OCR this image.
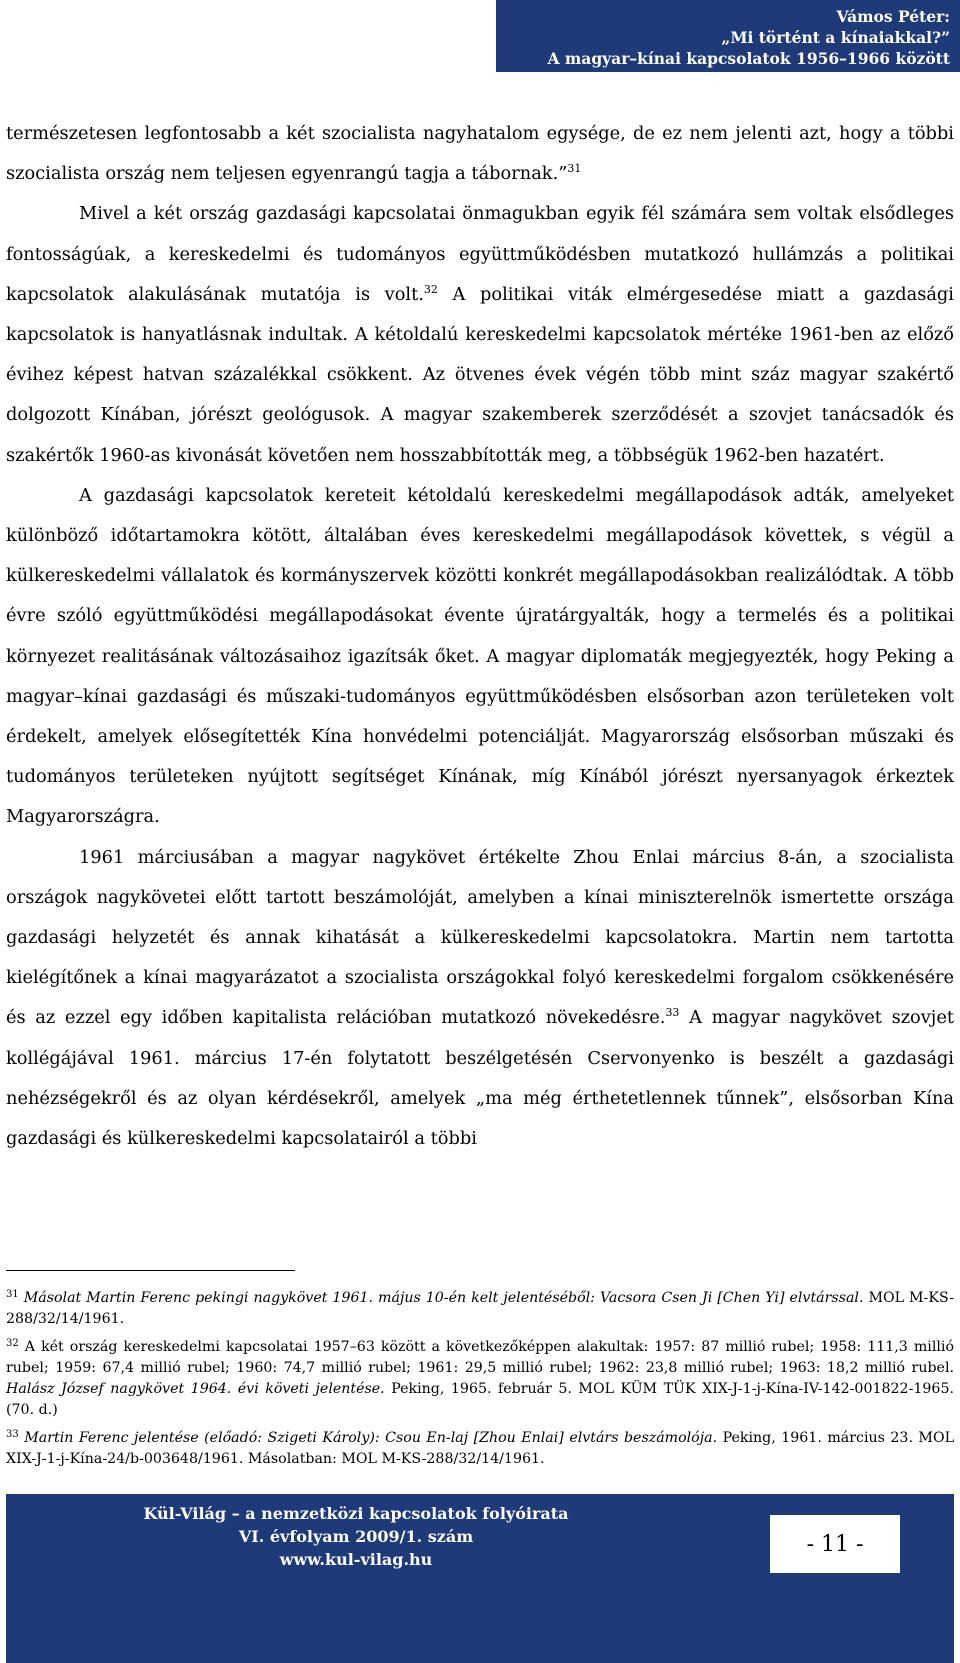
Vámos Péter:
„Mi történt a kínaiakkal?”
A magyar–kínai kapcsolatok 1956–1966 között

természetesen legfontosabb a két szocialista nagyhatalom egysége, de ez nem jelenti azt, hogy a többi szocialista ország nem teljesen egyenrangú tagja a tábornak.”$^{31}$

Mivel a két ország gazdasági kapcsolatai önmagukban egyik fél számára sem voltak elsődleges fontosságúak, a kereskedelmi és tudományos együttműködésben mutatkozó hullámzás a politikai kapcsolatok alakulásának mutatója is volt.$^{32}$ A politikai viták elmérgesedése miatt a gazdasági kapcsolatok is hanyatlásnak indultak. A kétoldalú kereskedelmi kapcsolatok mértéke 1961-ben az előző évihez képest hatvan százalékkal csökkent. Az ötvenes évek végén több mint száz magyar szakértő dolgozott Kínában, jórészt geológusok. A magyar szakemberek szerződését a szovjet tanácsadók és szakértők 1960-as kivonását követően nem hosszabbították meg, a többségük 1962-ben hazatért.

A gazdasági kapcsolatok kereteit kétoldalú kereskedelmi megállapodások adták, amelyeket különböző időtartamokra kötött, általában éves kereskedelmi megállapodások követtek, s végül a külkereskedelmi vállalatok és kormányszervek közötti konkrét megállapodásokban realizálódtak. A több évre szóló együttműködési megállapodásokat évente újratárgyalták, hogy a termelés és a politikai környezet realitásának változásaihoz igazítsák őket. A magyar diplomaták megjegyezték, hogy Peking a magyar–kínai gazdasági és műszaki-tudományos együttműködésben elsősorban azon területeken volt érdekelt, amelyek elősegítették Kína honvédelmi potenciálját. Magyarország elsősorban műszaki és tudományos területeken nyújtott segítséget Kínának, míg Kínából jórészt nyersanyagok érkeztek Magyarországra.

1961 márciusában a magyar nagykövet értékelte Zhou Enlai március 8-án, a szocialista országok nagykövetei előtt tartott beszámolóját, amelyben a kínai miniszterelnök ismertette országa gazdasági helyzetét és annak kihatását a külkereskedelmi kapcsolatokra. Martin nem tartotta kielégítőnek a kínai magyarázatot a szocialista országokkal folyó kereskedelmi forgalom csökkenésére és az ezzel egy időben kapitalista relációban mutatkozó növekedésre.$^{33}$ A magyar nagykövet szovjet kollégájával 1961. március 17-én folytatott beszélgetésén Cservonyenko is beszélt a gazdasági nehézségekről és az olyan kérdésekről, amelyek „ma még érthetetlennek tűnnek”, elsősorban Kína gazdasági és külkereskedelmi kapcsolatairól a többi

$^{31}$ Másolat Martin Ferenc pekingi nagykövet 1961. május 10-én kelt jelentéséből: Vacsora Csen Ji [Chen Yi] elvtárssal. MOL M-KS-288/32/14/1961.

$^{32}$ A két ország kereskedelmi kapcsolatai 1957–63 között a következőképpen alakultak: 1957: 87 millió rubel; 1958: 111,3 millió rubel; 1959: 67,4 millió rubel; 1960: 74,7 millió rubel; 1961: 29,5 millió rubel; 1962: 23,8 millió rubel; 1963: 18,2 millió rubel. Halász József nagykövet 1964. évi követi jelentése. Peking, 1965. február 5. MOL KÜM TÜK XIX-J-1-j-Kína-IV-142-001822-1965. (70. d.)

$^{33}$ Martin Ferenc jelentése (előadó: Szigeti Károly): Csou En-laj [Zhou Enlai] elvtárs beszámolója. Peking, 1961. március 23. MOL XIX-J-1-j-Kína-24/b-003648/1961. Másolatban: MOL M-KS-288/32/14/1961.

Kül-Világ – a nemzetközi kapcsolatok folyóirata
VI. évfolyam 2009/1. szám
www.kul-vilag.hu
- 11 -
